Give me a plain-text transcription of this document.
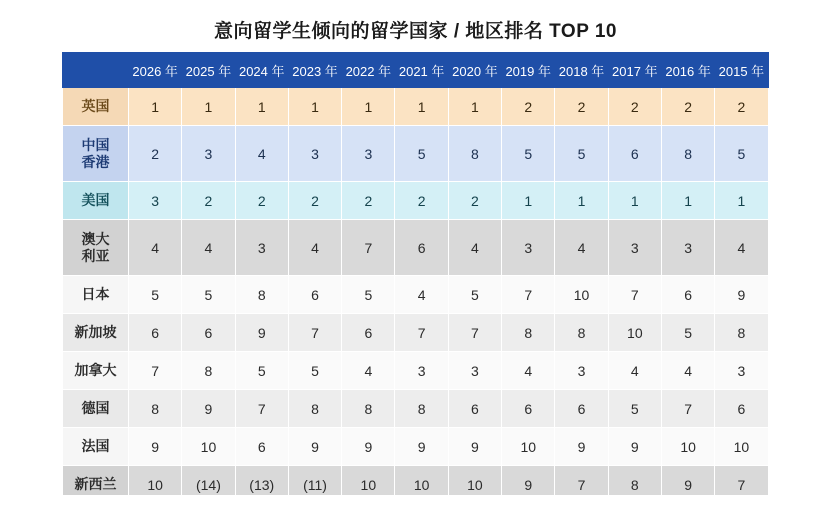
意向留学生倾向的留学国家 / 地区排名 TOP 10
	2026 年	2025 年	2024 年	2023 年	2022 年	2021 年	2020 年	2019 年	2018 年	2017 年	2016 年	2015 年
英国	1	1	1	1	1	1	1	2	2	2	2	2
中国
香港	2	3	4	3	3	5	8	5	5	6	8	5
美国	3	2	2	2	2	2	2	1	1	1	1	1
澳大
利亚	4	4	3	4	7	6	4	3	4	3	3	4
日本	5	5	8	6	5	4	5	7	10	7	6	9
新加坡	6	6	9	7	6	7	7	8	8	10	5	8
加拿大	7	8	5	5	4	3	3	4	3	4	4	3
德国	8	9	7	8	8	8	6	6	6	5	7	6
法国	9	10	6	9	9	9	9	10	9	9	10	10
新西兰	10	(14)	(13)	(11)	10	10	10	9	7	8	9	7
